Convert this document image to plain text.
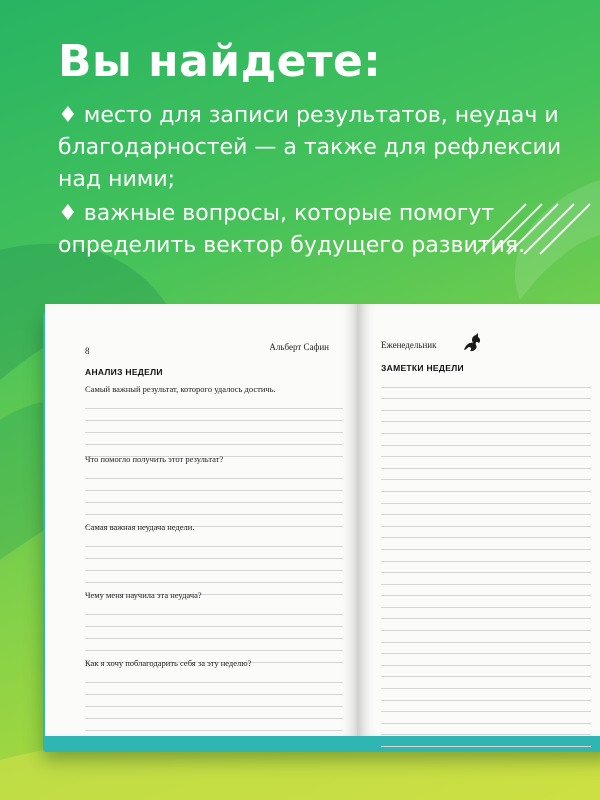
Вы найдете:

♦ место для записи результатов, неудач и благодарностей — а также для рефлексии над ними;

♦ важные вопросы, которые помогут определить вектор будущего развития.

8	Альберт Сафин
АНАЛИЗ НЕДЕЛИ
Самый важный результат, которого удалось достичь.
Что помогло получить этот результат?
Самая важная неудача недели.
Чему меня научила эта неудача?
Как я хочу поблагодарить себя за эту неделю?
Еженедельник
ЗАМЕТКИ НЕДЕЛИ
